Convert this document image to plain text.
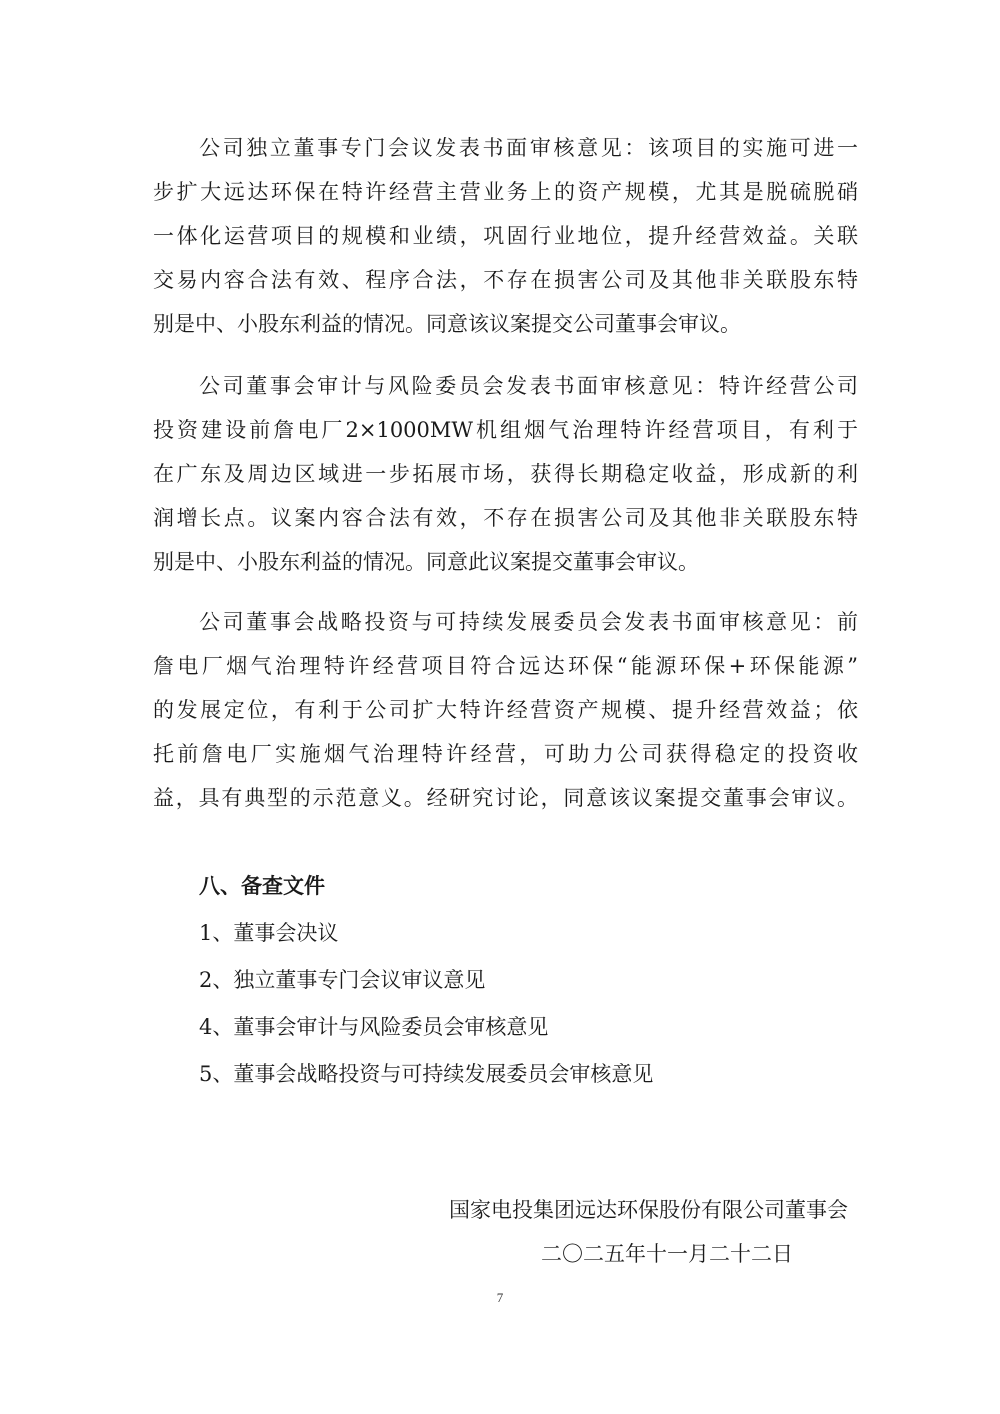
公司独立董事专门会议发表书面审核意见：该项目的实施可进一
步扩大远达环保在特许经营主营业务上的资产规模，尤其是脱硫脱硝
一体化运营项目的规模和业绩，巩固行业地位，提升经营效益。关联
交易内容合法有效、程序合法，不存在损害公司及其他非关联股东特
别是中、小股东利益的情况。同意该议案提交公司董事会审议。
公司董事会审计与风险委员会发表书面审核意见：特许经营公司
投资建设前詹电厂2×1000MW机组烟气治理特许经营项目，有利于
在广东及周边区域进一步拓展市场，获得长期稳定收益，形成新的利
润增长点。议案内容合法有效，不存在损害公司及其他非关联股东特
别是中、小股东利益的情况。同意此议案提交董事会审议。
公司董事会战略投资与可持续发展委员会发表书面审核意见：前
詹电厂烟气治理特许经营项目符合远达环保“能源环保+环保能源”
的发展定位，有利于公司扩大特许经营资产规模、提升经营效益；依
托前詹电厂实施烟气治理特许经营，可助力公司获得稳定的投资收
益，具有典型的示范意义。经研究讨论，同意该议案提交董事会审议。
八、备查文件
1、董事会决议
2、独立董事专门会议审议意见
4、董事会审计与风险委员会审核意见
5、董事会战略投资与可持续发展委员会审核意见
国家电投集团远达环保股份有限公司董事会
二〇二五年十一月二十二日
7
